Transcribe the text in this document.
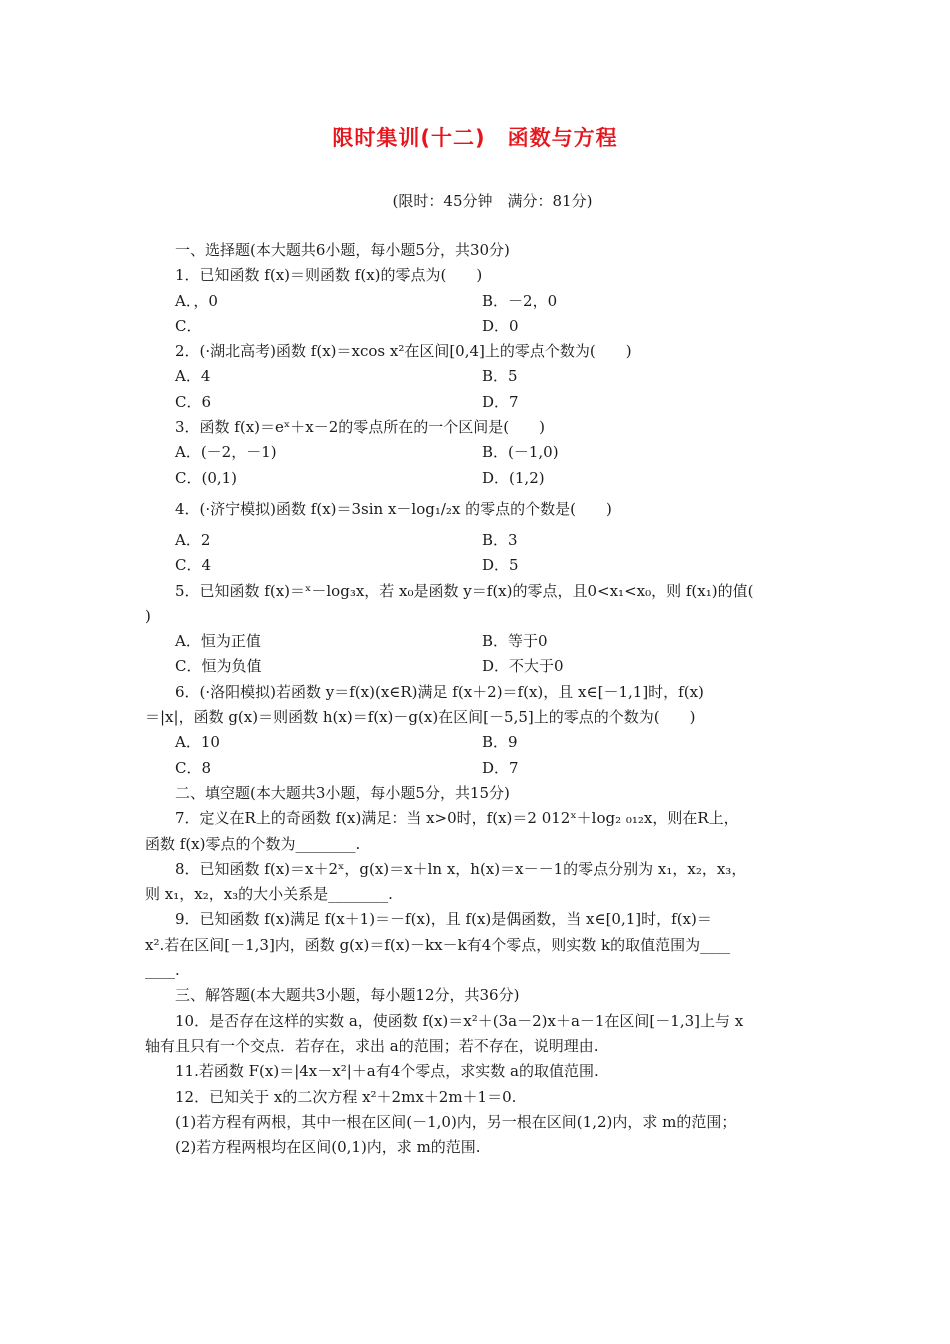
限时集训(十二)　函数与方程
(限时：45分钟　满分：81分)
一、选择题(本大题共6小题，每小题5分，共30分)
1．已知函数 f(x)＝则函数 f(x)的零点为(　　)
A．，0	B．－2，0
C．	D．0
2．(·湖北高考)函数 f(x)＝xcos x²在区间[0,4]上的零点个数为(　　)
A．4	B．5
C．6	D．7
3．函数 f(x)＝eˣ＋x－2的零点所在的一个区间是(　　)
A．(－2，－1)	B．(－1,0)
C．(0,1)	D．(1,2)
4．(·济宁模拟)函数 f(x)＝3sin x－log₁/₂x 的零点的个数是(　　)
A．2	B．3
C．4	D．5
5．已知函数 f(x)＝ˣ－log₃x，若 x₀是函数 y＝f(x)的零点，且0<x₁<x₀，则 f(x₁)的值(
)
A．恒为正值	B．等于0
C．恒为负值	D．不大于0
6．(·洛阳模拟)若函数 y＝f(x)(x∈R)满足 f(x＋2)＝f(x)，且 x∈[－1,1]时，f(x)
＝|x|，函数 g(x)＝则函数 h(x)＝f(x)－g(x)在区间[－5,5]上的零点的个数为(　　)
A．10	B．9
C．8	D．7
二、填空题(本大题共3小题，每小题5分，共15分)
7．定义在R上的奇函数 f(x)满足：当 x>0时，f(x)＝2 012ˣ＋log₂ ₀₁₂x，则在R上，
函数 f(x)零点的个数为________.
8．已知函数 f(x)＝x＋2ˣ，g(x)＝x＋ln x，h(x)＝x－－1的零点分别为 x₁，x₂，x₃，
则 x₁，x₂，x₃的大小关系是________.
9．已知函数 f(x)满足 f(x＋1)＝－f(x)，且 f(x)是偶函数，当 x∈[0,1]时，f(x)＝
x².若在区间[－1,3]内，函数 g(x)＝f(x)－kx－k有4个零点，则实数 k的取值范围为____
____.
三、解答题(本大题共3小题，每小题12分，共36分)
10．是否存在这样的实数 a，使函数 f(x)＝x²＋(3a－2)x＋a－1在区间[－1,3]上与 x
轴有且只有一个交点．若存在，求出 a的范围；若不存在，说明理由.
11.若函数 F(x)＝|4x－x²|＋a有4个零点，求实数 a的取值范围.
12．已知关于 x的二次方程 x²＋2mx＋2m＋1＝0.
(1)若方程有两根，其中一根在区间(－1,0)内，另一根在区间(1,2)内，求 m的范围；
(2)若方程两根均在区间(0,1)内，求 m的范围.
